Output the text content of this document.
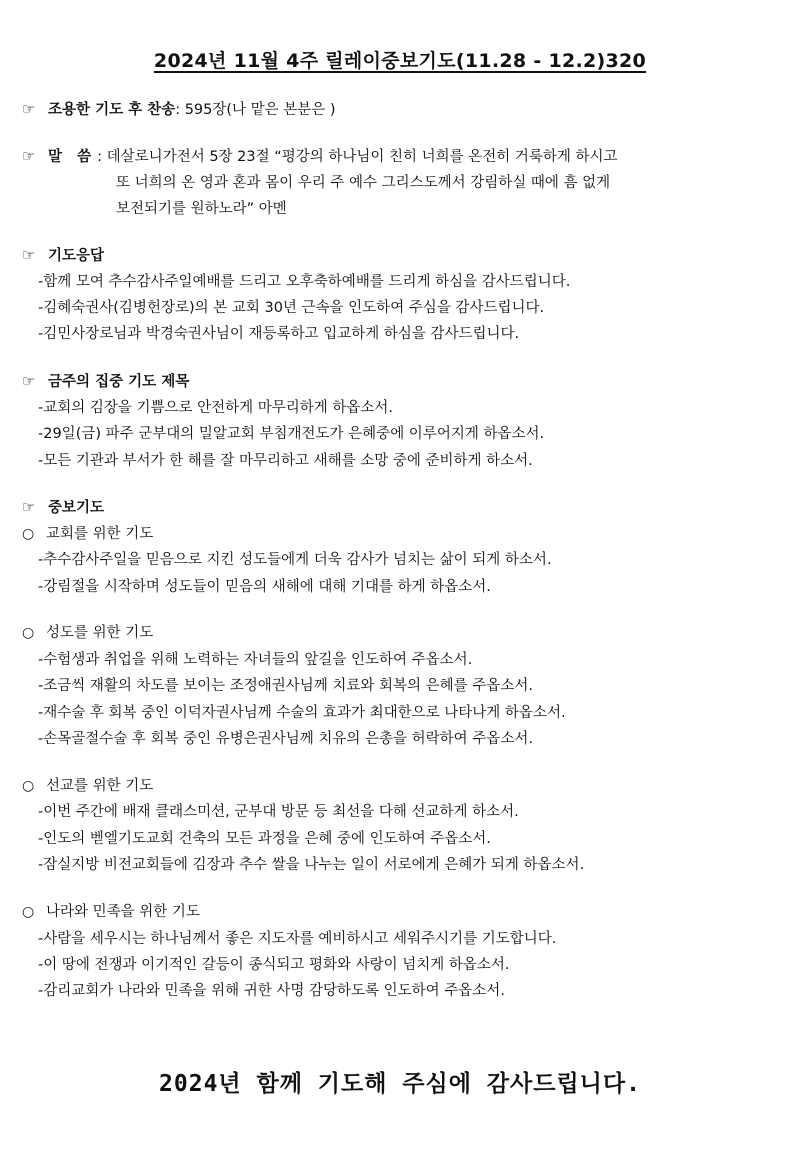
2024년 11월 4주 릴레이중보기도(11.28 - 12.2)320
☞ 조용한 기도 후 찬송: 595장(나 맡은 본분은 )
☞ 말   씀 : 데살로니가전서 5장 23절 “평강의 하나님이 친히 너희를 온전히 거룩하게 하시고
또 너희의 온 영과 혼과 몸이 우리 주 예수 그리스도께서 강림하실 때에 흠 없게
보전되기를 원하노라” 아멘
☞ 기도응답
-함께 모여 추수감사주일예배를 드리고 오후축하예배를 드리게 하심을 감사드립니다.
-김혜숙권사(김병헌장로)의 본 교회 30년 근속을 인도하여 주심을 감사드립니다.
-김민사장로님과 박경숙권사님이 재등록하고 입교하게 하심을 감사드립니다.
☞ 금주의 집중 기도 제목
-교회의 김장을 기쁨으로 안전하게 마무리하게 하옵소서.
-29일(금) 파주 군부대의 밀알교회 부침개전도가 은혜중에 이루어지게 하옵소서.
-모든 기관과 부서가 한 해를 잘 마무리하고 새해를 소망 중에 준비하게 하소서.
☞ 중보기도
○ 교회를 위한 기도
-추수감사주일을 믿음으로 지킨 성도들에게 더욱 감사가 넘치는 삶이 되게 하소서.
-강림절을 시작하며 성도들이 믿음의 새해에 대해 기대를 하게 하옵소서.
○ 성도를 위한 기도
-수험생과 취업을 위해 노력하는 자녀들의 앞길을 인도하여 주옵소서.
-조금씩 재활의 차도를 보이는 조정애권사님께 치료와 회복의 은혜를 주옵소서.
-재수술 후 회복 중인 이덕자권사님께 수술의 효과가 최대한으로 나타나게 하옵소서.
-손목골절수술 후 회복 중인 유병은권사님께 치유의 은총을 허락하여 주옵소서.
○ 선교를 위한 기도
-이번 주간에 배재 클래스미션, 군부대 방문 등 최선을 다해 선교하게 하소서.
-인도의 벧엘기도교회 건축의 모든 과정을 은혜 중에 인도하여 주옵소서.
-잠실지방 비전교회들에 김장과 추수 쌀을 나누는 일이 서로에게 은혜가 되게 하옵소서.
○ 나라와 민족을 위한 기도
-사람을 세우시는 하나님께서 좋은 지도자를 예비하시고 세워주시기를 기도합니다.
-이 땅에 전쟁과 이기적인 갈등이 종식되고 평화와 사랑이 넘치게 하옵소서.
-감리교회가 나라와 민족을 위해 귀한 사명 감당하도록 인도하여 주옵소서.
2024년 함께 기도해 주심에 감사드립니다.
